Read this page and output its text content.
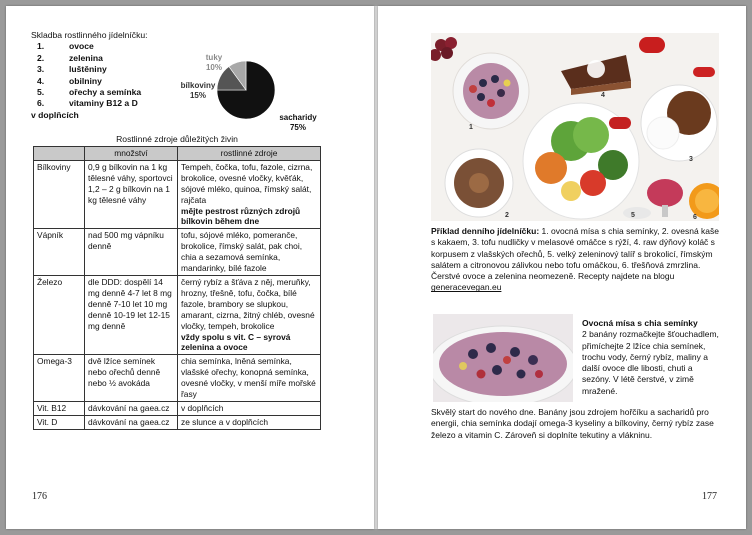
Skladba rostlinného jídelníčku:
1.	ovoce
2.	zelenina
3.	luštěniny
4.	obilniny
5.	ořechy a semínka
6.	vitaminy B12 a D
v doplňcích	sacharidy
75%
bílkoviny
15%
tuky
10%
Rostlinné zdroje důležitých živin
	množství	rostlinné zdroje
Bílkoviny	0,9 g bílkovin na 1 kg tělesné váhy, sportovci 1,2 – 2 g bílkovin na 1 kg tělesné váhy	Tempeh, čočka, tofu, fazole, cizrna, brokolice, ovesné vločky, kvěťák, sójové mléko, quinoa, římský salát, rajčata
mějte pestrost různých zdrojů bílkovin během dne

Vápník	nad 500 mg vápníku denně	tofu, sójové mléko, pomeranče, brokolice, římský salát, pak choi, chia a sezamová semínka, mandarinky, bílé fazole
Železo	dle DDD: dospělí 14 mg denně 4-7 let 8 mg denně 7-10 let 10 mg denně 10-19 let 12-15 mg denně	černý rybíz a šťáva z něj, meruňky, hrozny, třešně, tofu, čočka, bílé fazole, brambory se slupkou, amarant, cizrna, žitný chléb, ovesné vločky, tempeh, brokolice
vždy spolu s vit. C – syrová zelenina a ovoce

Omega-3	dvě lžíce semínek nebo ořechů denně nebo ½ avokáda	chia semínka, lněná semínka, vlašské ořechy, konopná semínka, ovesné vločky, v menší míře mořské řasy
Vit. B12	dávkování na gaea.cz	v doplňcích
Vit. D	dávkování na gaea.cz	ze slunce a v doplňcích
176
1
2
3
4
5	6
Příklad denního jídelníčku: 1. ovocná mísa s chia semínky, 2. ovesná kaše s kakaem, 3. tofu nudličky v melasové omáčce s rýží, 4. raw dýňový koláč s korpusem z vlašských ořechů, 5. velký zeleninový talíř s brokolicí, římským salátem a citronovou zálivkou nebo tofu omáčkou, 6. třešňová zmrzlina. Čerstvé ovoce a zelenina neomezeně. Recepty najdete na blogu generacevegan.eu
Ovocná mísa s chia semínky
2 banány rozmačkejte šťouchadlem, přimíchejte 2 lžíce chia semínek, trochu vody, černý rybíz, maliny a další ovoce dle libosti, chuti a sezóny. V létě čerstvé, v zimě mražené.
Skvělý start do nového dne. Banány jsou zdrojem hořčíku a sacharidů pro energii, chia semínka dodají omega-3 kyseliny a bílkoviny, černý rybíz zase železo a vitamin C. Zároveň si doplníte tekutiny a vlákninu.
177
